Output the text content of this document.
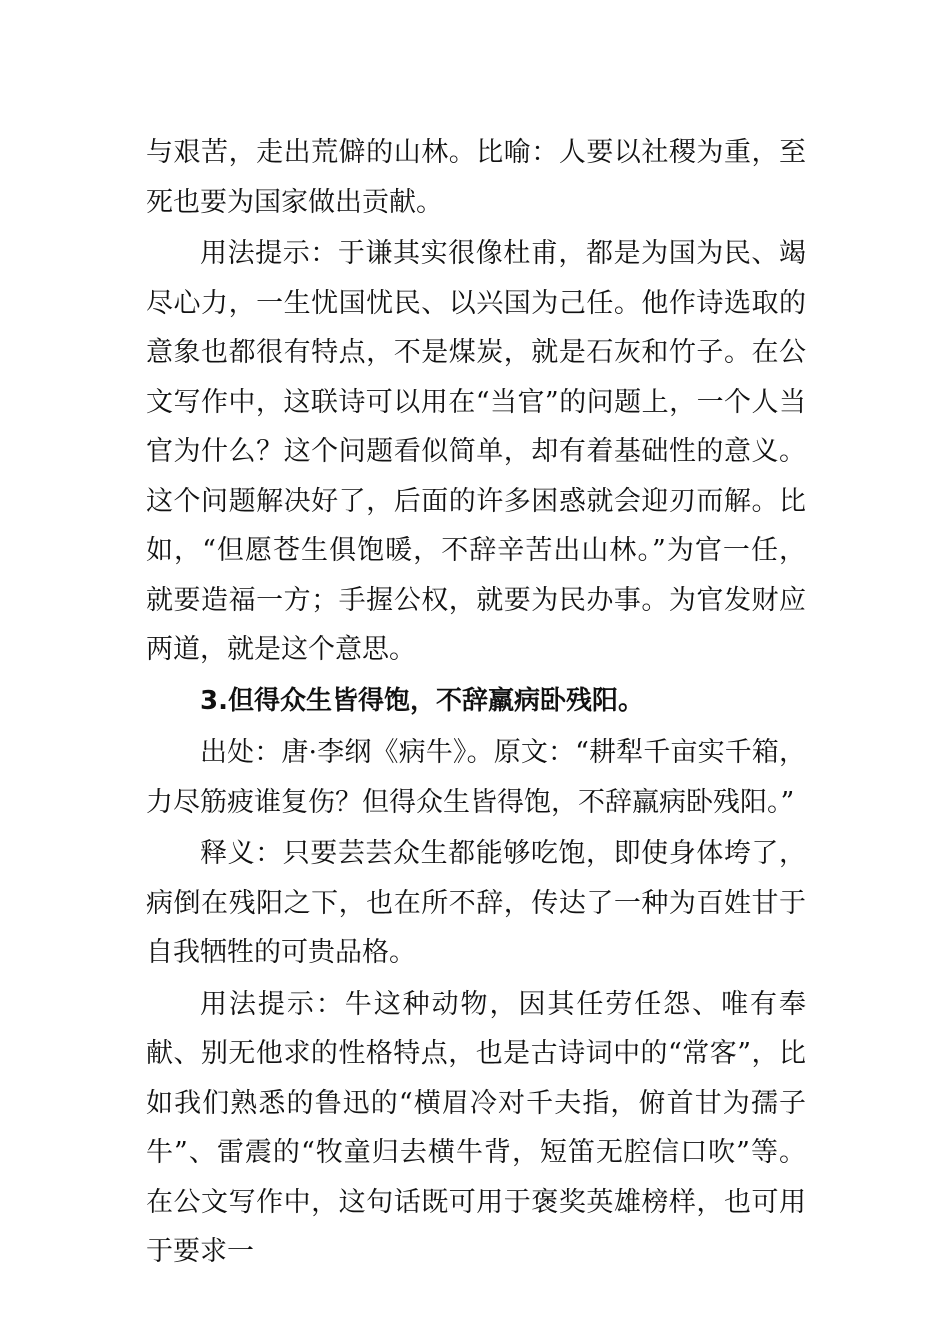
与艰苦，走出荒僻的山林。比喻：人要以社稷为重，至死也要为国家做出贡献。

用法提示：于谦其实很像杜甫，都是为国为民、竭尽心力，一生忧国忧民、以兴国为己任。他作诗选取的意象也都很有特点，不是煤炭，就是石灰和竹子。在公文写作中，这联诗可以用在“当官”的问题上，一个人当官为什么？这个问题看似简单，却有着基础性的意义。这个问题解决好了，后面的许多困惑就会迎刃而解。比如，“但愿苍生俱饱暖，不辞辛苦出山林。”为官一任，就要造福一方；手握公权，就要为民办事。为官发财应两道，就是这个意思。

3.但得众生皆得饱，不辞羸病卧残阳。

出处：唐·李纲《病牛》。原文：“耕犁千亩实千箱，力尽筋疲谁复伤？但得众生皆得饱，不辞羸病卧残阳。”

释义：只要芸芸众生都能够吃饱，即使身体垮了，病倒在残阳之下，也在所不辞，传达了一种为百姓甘于自我牺牲的可贵品格。

用法提示：牛这种动物，因其任劳任怨、唯有奉献、别无他求的性格特点，也是古诗词中的“常客”，比如我们熟悉的鲁迅的“横眉冷对千夫指，俯首甘为孺子牛”、雷震的“牧童归去横牛背，短笛无腔信口吹”等。在公文写作中，这句话既可用于褒奖英雄榜样，也可用于要求一
